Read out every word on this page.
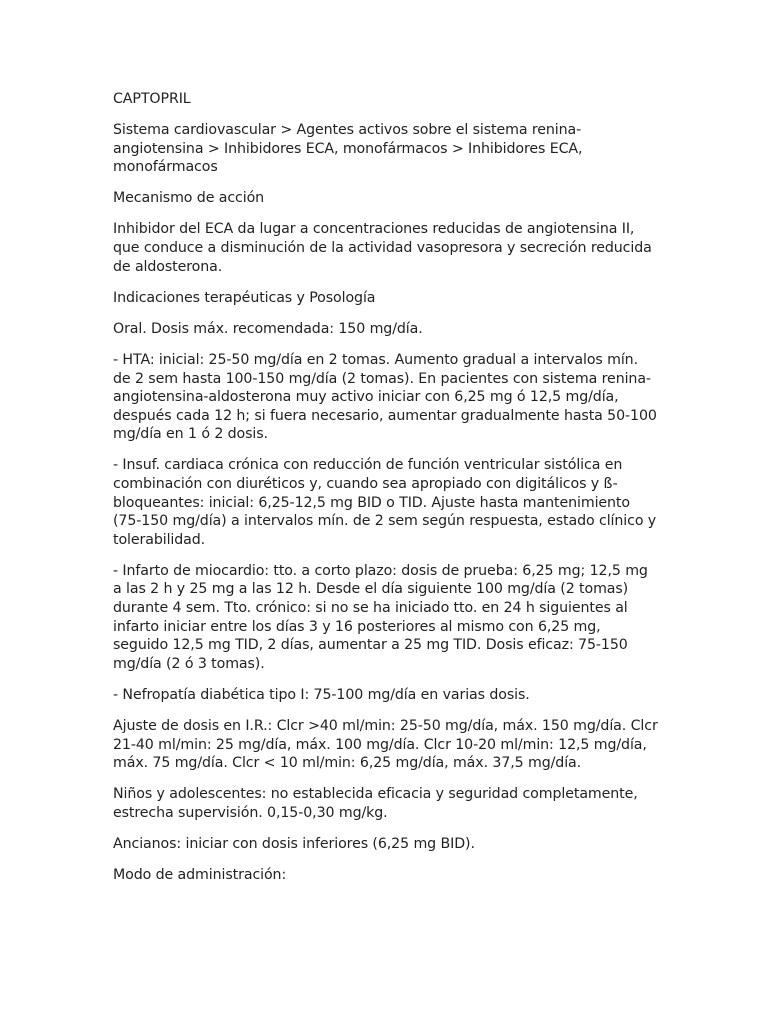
CAPTOPRIL

Sistema cardiovascular > Agentes activos sobre el sistema renina-angiotensina > Inhibidores ECA, monofármacos > Inhibidores ECA, monofármacos

Mecanismo de acción

Inhibidor del ECA da lugar a concentraciones reducidas de angiotensina II, que conduce a disminución de la actividad vasopresora y secreción reducida de aldosterona.

Indicaciones terapéuticas y Posología

Oral. Dosis máx. recomendada: 150 mg/día.

- HTA: inicial: 25-50 mg/día en 2 tomas. Aumento gradual a intervalos mín. de 2 sem hasta 100-150 mg/día (2 tomas). En pacientes con sistema renina-angiotensina-aldosterona muy activo iniciar con 6,25 mg ó 12,5 mg/día, después cada 12 h; si fuera necesario, aumentar gradualmente hasta 50-100 mg/día en 1 ó 2 dosis.

- Insuf. cardiaca crónica con reducción de función ventricular sistólica en combinación con diuréticos y, cuando sea apropiado con digitálicos y ß-bloqueantes: inicial: 6,25-12,5 mg BID o TID. Ajuste hasta mantenimiento (75-150 mg/día) a intervalos mín. de 2 sem según respuesta, estado clínico y tolerabilidad.

- Infarto de miocardio: tto. a corto plazo: dosis de prueba: 6,25 mg; 12,5 mg a las 2 h y 25 mg a las 12 h. Desde el día siguiente 100 mg/día (2 tomas) durante 4 sem. Tto. crónico: si no se ha iniciado tto. en 24 h siguientes al infarto iniciar entre los días 3 y 16 posteriores al mismo con 6,25 mg, seguido 12,5 mg TID, 2 días, aumentar a 25 mg TID. Dosis eficaz: 75-150 mg/día (2 ó 3 tomas).

- Nefropatía diabética tipo I: 75-100 mg/día en varias dosis.

Ajuste de dosis en I.R.: Clcr >40 ml/min: 25-50 mg/día, máx. 150 mg/día. Clcr 21-40 ml/min: 25 mg/día, máx. 100 mg/día. Clcr 10-20 ml/min: 12,5 mg/día, máx. 75 mg/día. Clcr < 10 ml/min: 6,25 mg/día, máx. 37,5 mg/día.

Niños y adolescentes: no establecida eficacia y seguridad completamente, estrecha supervisión. 0,15-0,30 mg/kg.

Ancianos: iniciar con dosis inferiores (6,25 mg BID).

Modo de administración:
